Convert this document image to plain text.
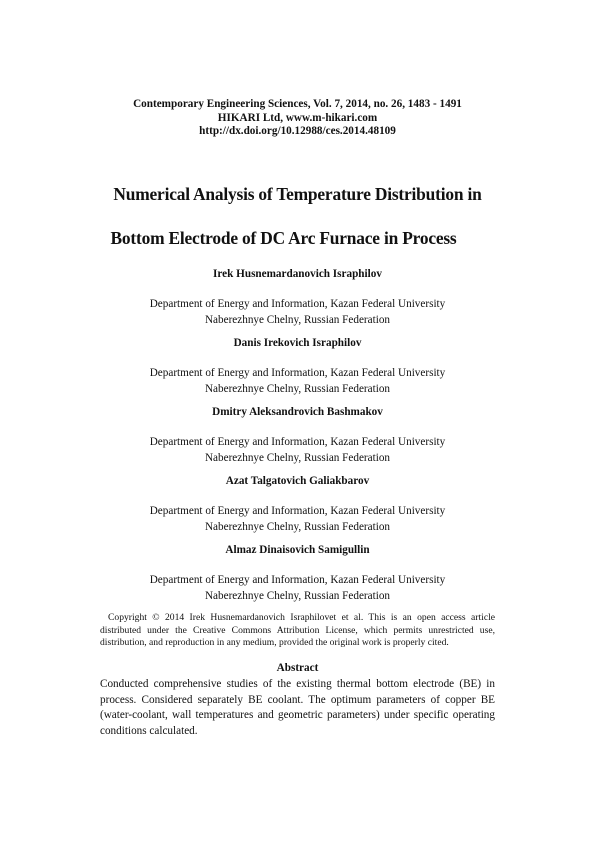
Contemporary Engineering Sciences, Vol. 7, 2014, no. 26, 1483 - 1491
HIKARI Ltd, www.m-hikari.com
http://dx.doi.org/10.12988/ces.2014.48109
Numerical Analysis of Temperature Distribution in
Bottom Electrode of DC Arc Furnace in Process
Irek Husnemardanovich Israphilov
Department of Energy and Information, Kazan Federal University
Naberezhnye Chelny, Russian Federation
Danis Irekovich Israphilov
Department of Energy and Information, Kazan Federal University
Naberezhnye Chelny, Russian Federation
Dmitry Aleksandrovich Bashmakov
Department of Energy and Information, Kazan Federal University
Naberezhnye Chelny, Russian Federation
Azat Talgatovich Galiakbarov
Department of Energy and Information, Kazan Federal University
Naberezhnye Chelny, Russian Federation
Almaz Dinaisovich Samigullin
Department of Energy and Information, Kazan Federal University
Naberezhnye Chelny, Russian Federation

Copyright © 2014 Irek Husnemardanovich Israphilovet et al. This is an open access article distributed under the Creative Commons Attribution License, which permits unrestricted use, distribution, and reproduction in any medium, provided the original work is properly cited.

Abstract

Conducted comprehensive studies of the existing thermal bottom electrode (BE) in process. Considered separately BE coolant. The optimum parameters of copper BE (water-coolant, wall temperatures and geometric parameters) under specific operating conditions calculated.
